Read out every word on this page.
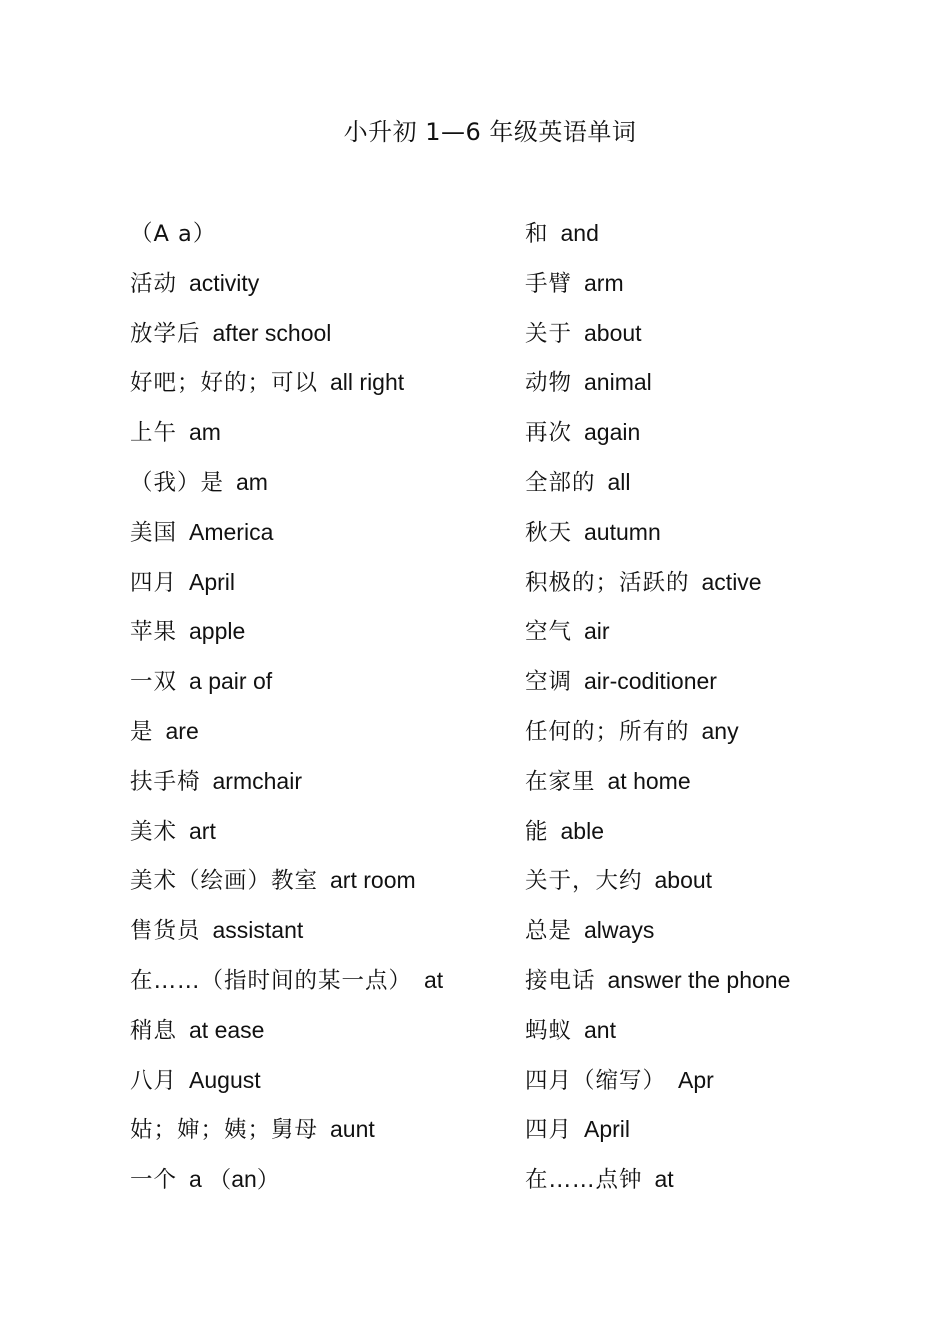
小升初 1—6 年级英语单词
（A a）
活动 activity
放学后 after school
好吧；好的；可以 all right
上午 am
（我）是 am
美国 America
四月 April
苹果 apple
一双 a pair of
是 are
扶手椅 armchair
美术 art
美术（绘画）教室 art room
售货员 assistant
在……（指时间的某一点） at
稍息 at ease
八月 August
姑；婶；姨；舅母 aunt
一个 a （an）
和 and
手臂 arm
关于 about
动物 animal
再次 again
全部的 all
秋天 autumn
积极的；活跃的 active
空气 air
空调 air-coditioner
任何的；所有的 any
在家里 at home
能 able
关于，大约 about
总是 always
接电话 answer the phone
蚂蚁 ant
四月（缩写） Apr
四月 April
在……点钟 at
